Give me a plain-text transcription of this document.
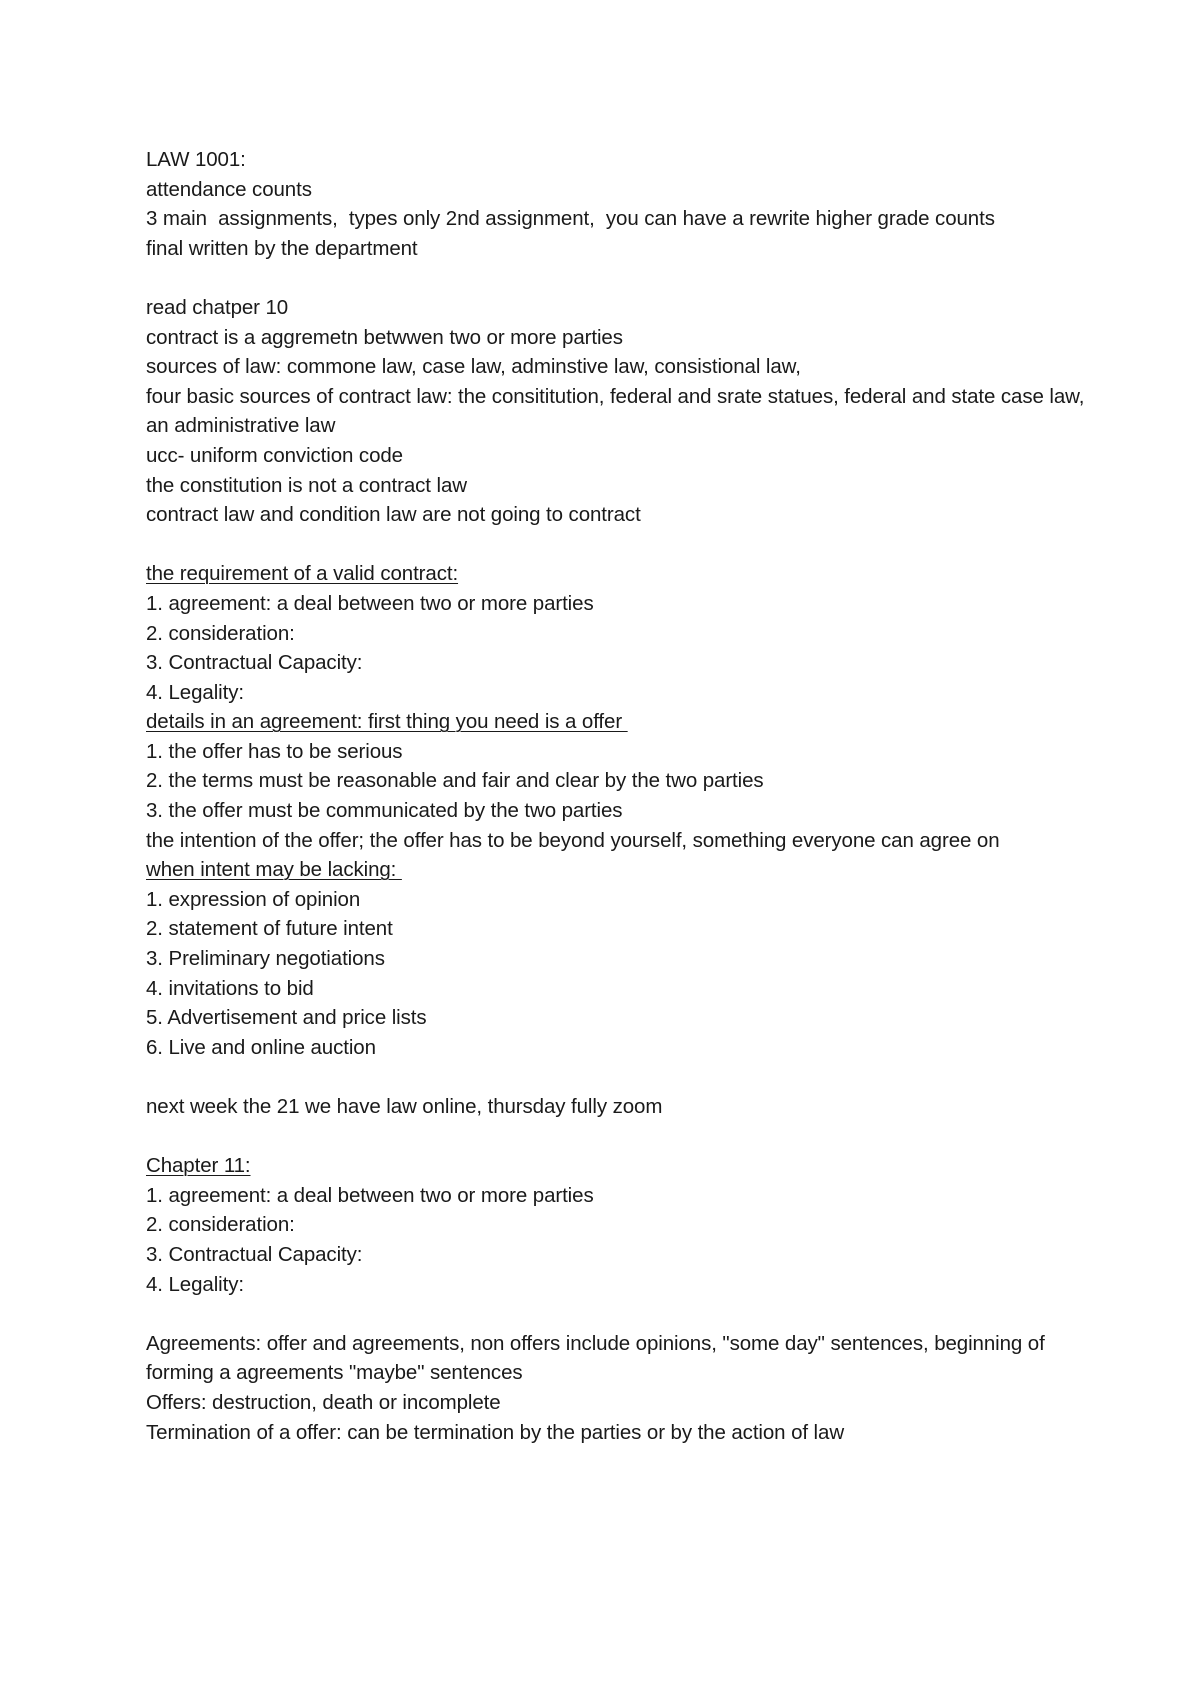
LAW 1001:
attendance counts
3 main  assignments,  types only 2nd assignment,  you can have a rewrite higher grade counts
final written by the department
read chatper 10
contract is a aggremetn betwwen two or more parties
sources of law: commone law, case law, adminstive law, consistional law,
four basic sources of contract law: the consititution, federal and srate statues, federal and state case law, an administrative law
ucc- uniform conviction code
the constitution is not a contract law
contract law and condition law are not going to contract
the requirement of a valid contract:
1. agreement: a deal between two or more parties
2. consideration:
3. Contractual Capacity:
4. Legality:
details in an agreement: first thing you need is a offer
1. the offer has to be serious
2. the terms must be reasonable and fair and clear by the two parties
3. the offer must be communicated by the two parties
the intention of the offer; the offer has to be beyond yourself, something everyone can agree on
when intent may be lacking:
1. expression of opinion
2. statement of future intent
3. Preliminary negotiations
4. invitations to bid
5. Advertisement and price lists
6. Live and online auction
next week the 21 we have law online, thursday fully zoom
Chapter 11:
1. agreement: a deal between two or more parties
2. consideration:
3. Contractual Capacity:
4. Legality:
Agreements: offer and agreements, non offers include opinions, "some day" sentences, beginning of forming a agreements "maybe" sentences
Offers: destruction, death or incomplete
Termination of a offer: can be termination by the parties or by the action of law
